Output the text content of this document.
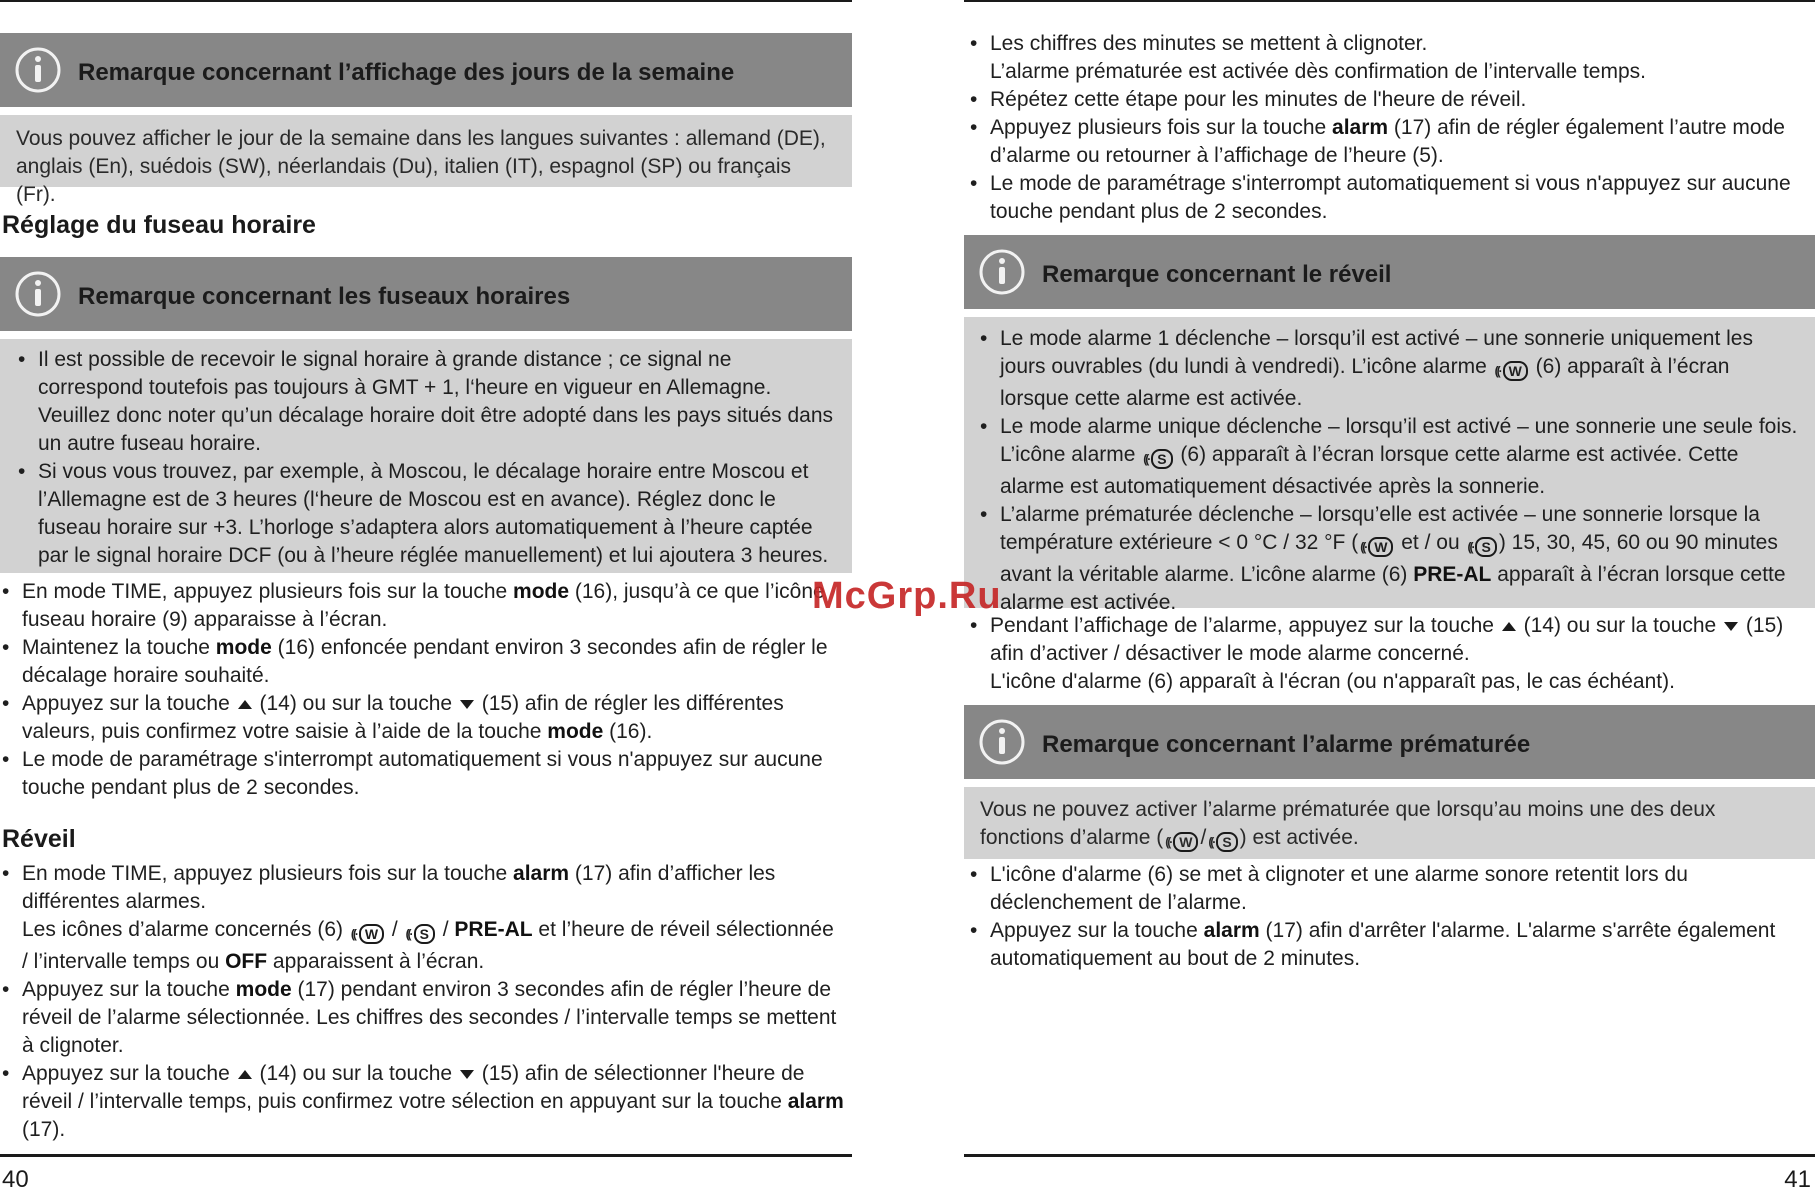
Remarque concernant l’affichage des jours de la semaine
Vous pouvez afficher le jour de la semaine dans les langues suivantes : allemand (DE), anglais (En), suédois (SW), néerlandais (Du), italien (IT), espagnol (SP) ou français (Fr).
Réglage du fuseau horaire
Remarque concernant les fuseaux horaires
• Il est possible de recevoir le signal horaire à grande distance ; ce signal ne correspond toutefois pas toujours à GMT + 1, l‘heure en vigueur en Allemagne. Veuillez donc noter qu’un décalage horaire doit être adopté dans les pays situés dans un autre fuseau horaire.
• Si vous vous trouvez, par exemple, à Moscou, le décalage horaire entre Moscou et l’Allemagne est de 3 heures (l‘heure de Moscou est en avance). Réglez donc le fuseau horaire sur +3. L’horloge s’adaptera alors automatiquement à l’heure captée par le signal horaire DCF (ou à l’heure réglée manuellement) et lui ajoutera 3 heures.
• En mode TIME, appuyez plusieurs fois sur la touche mode (16), jusqu’à ce que l’icône fuseau horaire (9) apparaisse à l’écran.
• Maintenez la touche mode (16) enfoncée pendant environ 3 secondes afin de régler le décalage horaire souhaité.
• Appuyez sur la touche  (14) ou sur la touche  (15) afin de régler les différentes valeurs, puis confirmez votre saisie à l’aide de la touche mode (16).
• Le mode de paramétrage s'interrompt automatiquement si vous n'appuyez sur aucune touche pendant plus de 2 secondes.
Réveil
• En mode TIME, appuyez plusieurs fois sur la touche alarm (17) afin d’afficher les différentes alarmes.
Les icônes d’alarme concernés (6) ((· W / ((· S / PRE-AL et l’heure de réveil sélectionnée / l’intervalle temps ou OFF apparaissent à l’écran.
• Appuyez sur la touche mode (17) pendant environ 3 secondes afin de régler l’heure de réveil de l’alarme sélectionnée. Les chiffres des secondes / l’intervalle temps se mettent à clignoter.
• Appuyez sur la touche  (14) ou sur la touche  (15) afin de sélectionner l'heure de réveil / l’intervalle temps, puis confirmez votre sélection en appuyant sur la touche alarm (17).
40
• Les chiffres des minutes se mettent à clignoter.
L’alarme prématurée est activée dès confirmation de l’intervalle temps.
• Répétez cette étape pour les minutes de l'heure de réveil.
• Appuyez plusieurs fois sur la touche alarm (17) afin de régler également l’autre mode d’alarme ou retourner à l’affichage de l’heure (5).
• Le mode de paramétrage s'interrompt automatiquement si vous n'appuyez sur aucune touche pendant plus de 2 secondes.
Remarque concernant le réveil
• Le mode alarme 1 déclenche – lorsqu’il est activé – une sonnerie uniquement les jours ouvrables (du lundi à vendredi). L’icône alarme ((· W (6) apparaît à l’écran lorsque cette alarme est activée.
• Le mode alarme unique déclenche – lorsqu’il est activé – une sonnerie une seule fois. L’icône alarme ((· S (6) apparaît à l’écran lorsque cette alarme est activée. Cette alarme est automatiquement désactivée après la sonnerie.
• L’alarme prématurée déclenche – lorsqu’elle est activée – une sonnerie lorsque la température extérieure < 0 °C / 32 °F ( ((· W et / ou ((· S ) 15, 30, 45, 60 ou 90 minutes avant la véritable alarme. L’icône alarme (6) PRE-AL apparaît à l’écran lorsque cette alarme est activée.
• Pendant l’affichage de l’alarme, appuyez sur la touche  (14) ou sur la touche  (15) afin d’activer / désactiver le mode alarme concerné.
L'icône d'alarme (6) apparaît à l'écran (ou n'apparaît pas, le cas échéant).
Remarque concernant l’alarme prématurée
Vous ne pouvez activer l’alarme prématurée que lorsqu’au moins une des deux fonctions d’alarme ( ((· W / ((· S ) est activée.
• L'icône d'alarme (6) se met à clignoter et une alarme sonore retentit lors du déclenchement de l’alarme.
• Appuyez sur la touche alarm (17) afin d'arrêter l'alarme. L'alarme s'arrête également automatiquement au bout de 2 minutes.
41
McGrp.Ru
